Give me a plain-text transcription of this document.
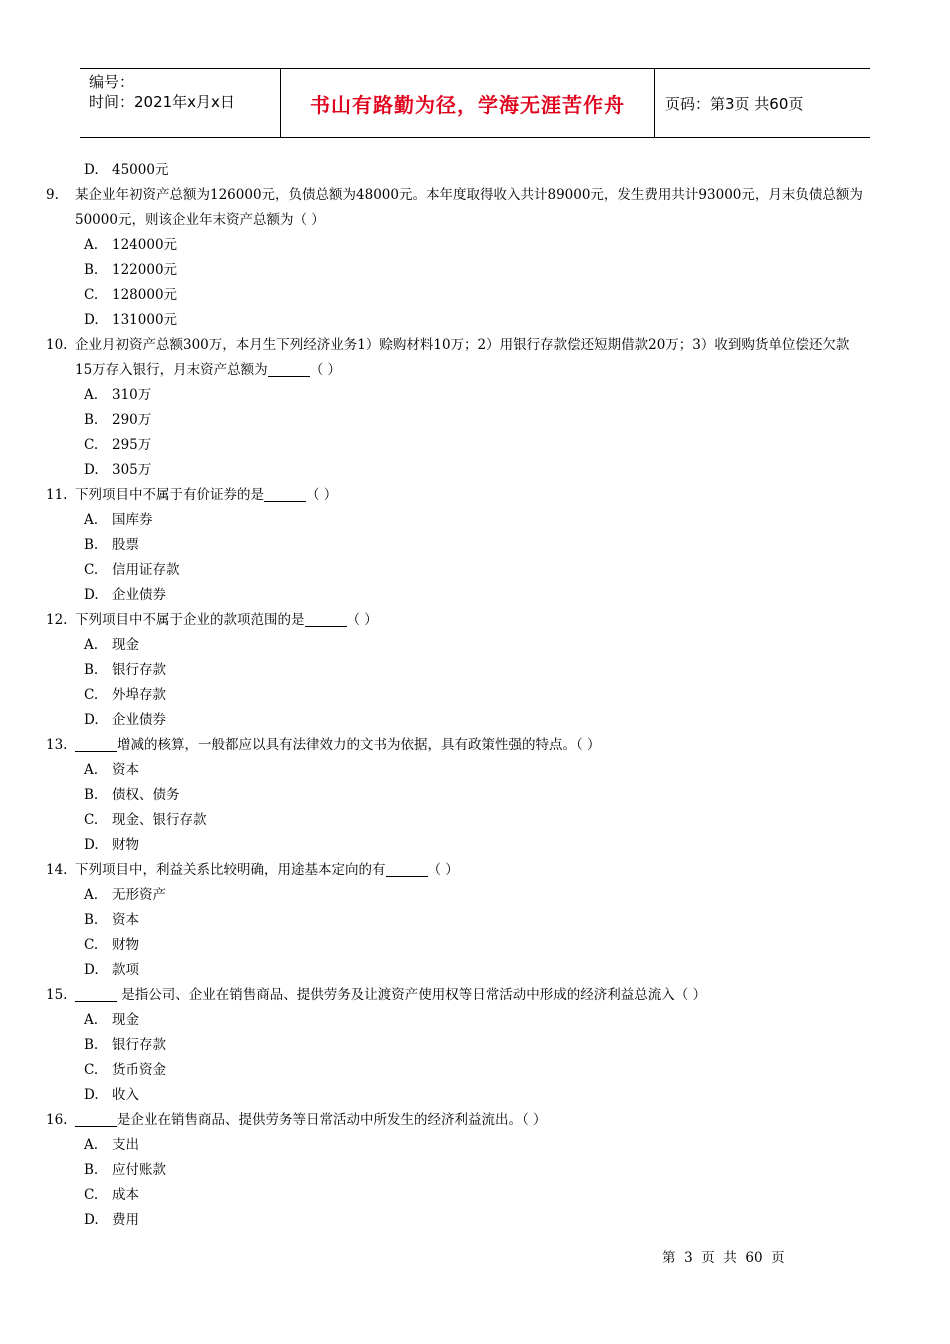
编号：
时间：2021年x月x日	书山有路勤为径，学海无涯苦作舟	页码：第3页 共60页
D. 45000元
9. 某企业年初资产总额为126000元，负债总额为48000元。本年度取得收入共计89000元，发生费用共计93000元，月末负债总额为
50000元，则该企业年末资产总额为（ ）
A. 124000元
B. 122000元
C. 128000元
D. 131000元
10. 企业月初资产总额300万，本月生下列经济业务1）赊购材料10万；2）用银行存款偿还短期借款20万；3）收到购货单位偿还欠款
15万存入银行，月末资产总额为	（ ）
A. 310万
B. 290万
C. 295万
D. 305万
11. 下列项目中不属于有价证券的是	（ ）
A. 国库券
B. 股票
C. 信用证存款
D. 企业债券
12. 下列项目中不属于企业的款项范围的是	（ ）
A. 现金
B. 银行存款
C. 外埠存款
D. 企业债券
13.	增减的核算，一般都应以具有法律效力的文书为依据，具有政策性强的特点。（ ）
A. 资本
B. 债权、债务
C. 现金、银行存款
D. 财物
14. 下列项目中，利益关系比较明确，用途基本定向的有	（ ）
A. 无形资产
B. 资本
C. 财物
D. 款项
15.	是指公司、企业在销售商品、提供劳务及让渡资产使用权等日常活动中形成的经济利益总流入（ ）
A. 现金
B. 银行存款
C. 货币资金
D. 收入
16.	是企业在销售商品、提供劳务等日常活动中所发生的经济利益流出。（ ）
A. 支出
B. 应付账款
C. 成本
D. 费用
第  3  页  共  60  页
